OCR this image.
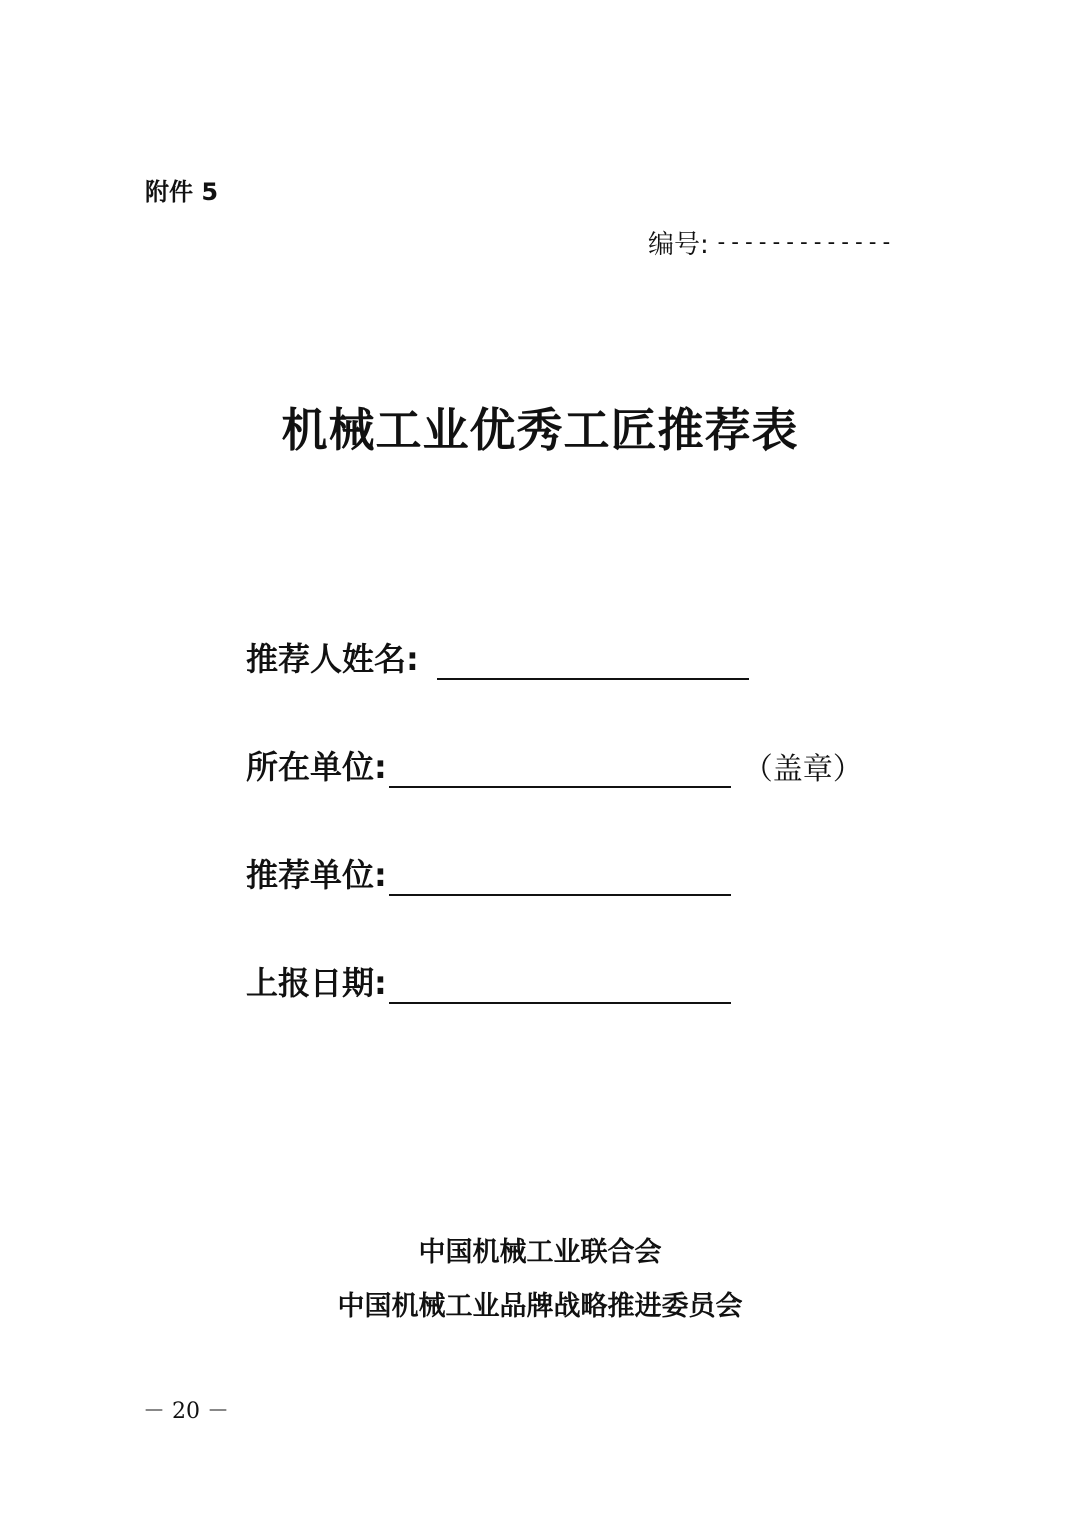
附件 5
编号: -------------
机械工业优秀工匠推荐表
推荐人姓名:
所在单位:	（盖章）
推荐单位:
上报日期:
中国机械工业联合会
中国机械工业品牌战略推进委员会
－ 20 －
